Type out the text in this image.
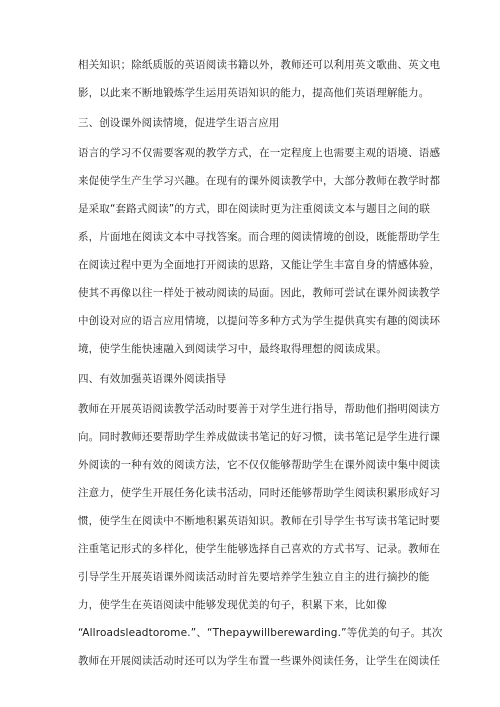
相关知识；除纸质版的英语阅读书籍以外，教师还可以利用英文歌曲、英文电
影，以此来不断地锻炼学生运用英语知识的能力，提高他们英语理解能力。
三、创设课外阅读情境，促进学生语言应用
语言的学习不仅需要客观的教学方式，在一定程度上也需要主观的语境、语感
来促使学生产生学习兴趣。在现有的课外阅读教学中，大部分教师在教学时都
是采取“套路式阅读”的方式，即在阅读时更为注重阅读文本与题目之间的联
系，片面地在阅读文本中寻找答案。而合理的阅读情境的创设，既能帮助学生
在阅读过程中更为全面地打开阅读的思路，又能让学生丰富自身的情感体验，
使其不再像以往一样处于被动阅读的局面。因此，教师可尝试在课外阅读教学
中创设对应的语言应用情境，以提问等多种方式为学生提供真实有趣的阅读环
境，使学生能快速融入到阅读学习中，最终取得理想的阅读成果。
四、有效加强英语课外阅读指导
教师在开展英语阅读教学活动时要善于对学生进行指导，帮助他们指明阅读方
向。同时教师还要帮助学生养成做读书笔记的好习惯，读书笔记是学生进行课
外阅读的一种有效的阅读方法，它不仅仅能够帮助学生在课外阅读中集中阅读
注意力，使学生开展任务化读书活动，同时还能够帮助学生阅读积累形成好习
惯，使学生在阅读中不断地积累英语知识。教师在引导学生书写读书笔记时要
注重笔记形式的多样化，使学生能够选择自己喜欢的方式书写、记录。教师在
引导学生开展英语课外阅读活动时首先要培养学生独立自主的进行摘抄的能
力，使学生在英语阅读中能够发现优美的句子，积累下来，比如像
“Allroadsleadtorome.”、“Thepaywillberewarding.”等优美的句子。其次
教师在开展阅读活动时还可以为学生布置一些课外阅读任务，让学生在阅读任
